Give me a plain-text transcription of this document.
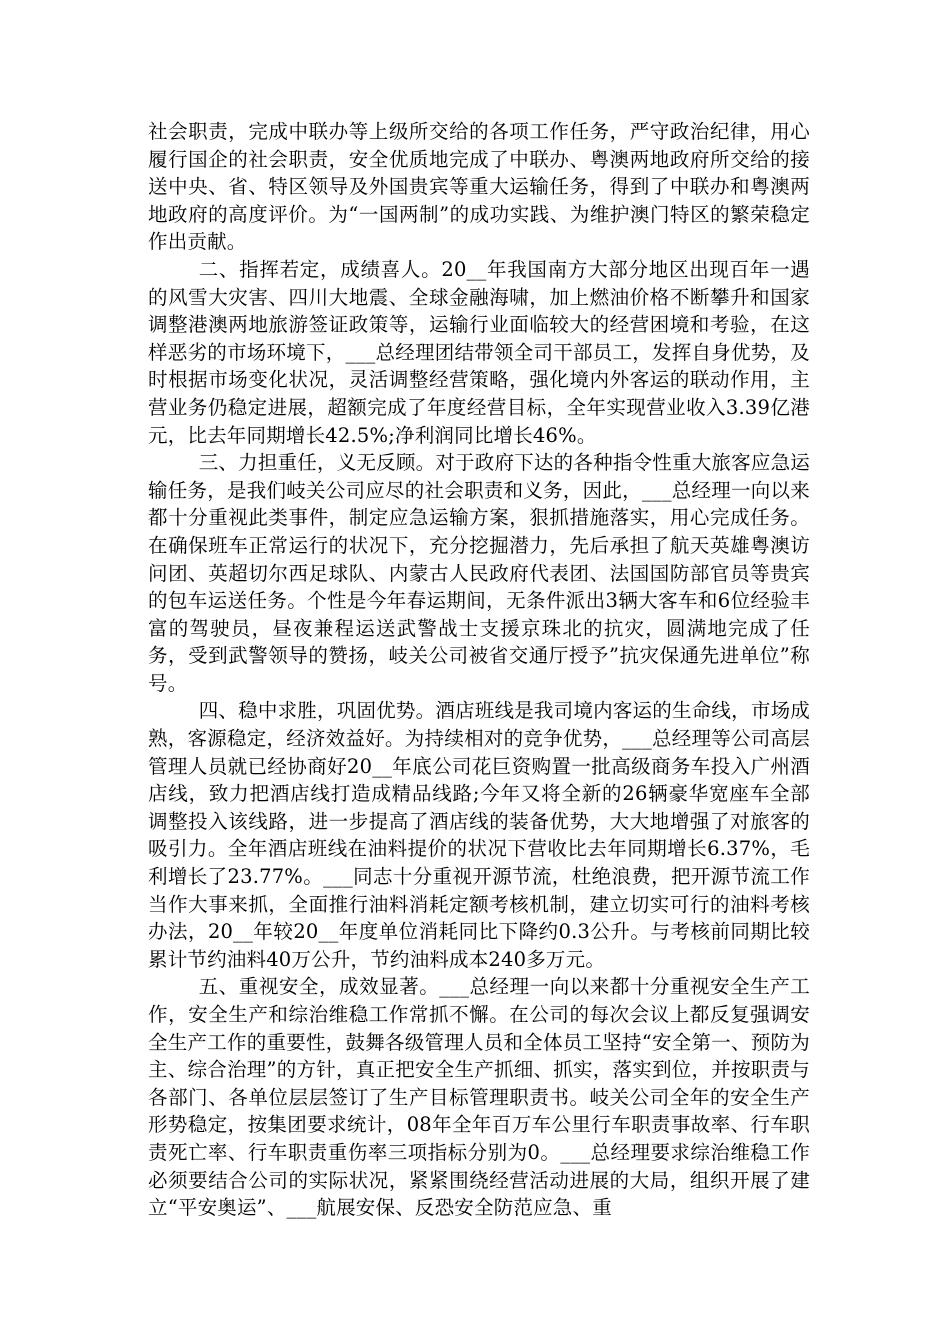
社会职责，完成中联办等上级所交给的各项工作任务，严守政治纪律，用心履行国企的社会职责，安全优质地完成了中联办、粤澳两地政府所交给的接送中央、省、特区领导及外国贵宾等重大运输任务，得到了中联办和粤澳两地政府的高度评价。为“一国两制”的成功实践、为维护澳门特区的繁荣稳定作出贡献。

二、指挥若定，成绩喜人。20__年我国南方大部分地区出现百年一遇的风雪大灾害、四川大地震、全球金融海啸，加上燃油价格不断攀升和国家调整港澳两地旅游签证政策等，运输行业面临较大的经营困境和考验，在这样恶劣的市场环境下，___总经理团结带领全司干部员工，发挥自身优势，及时根据市场变化状况，灵活调整经营策略，强化境内外客运的联动作用，主营业务仍稳定进展，超额完成了年度经营目标，全年实现营业收入3.39亿港元，比去年同期增长42.5%;净利润同比增长46%。

三、力担重任，义无反顾。对于政府下达的各种指令性重大旅客应急运输任务，是我们岐关公司应尽的社会职责和义务，因此，___总经理一向以来都十分重视此类事件，制定应急运输方案，狠抓措施落实，用心完成任务。在确保班车正常运行的状况下，充分挖掘潜力，先后承担了航天英雄粤澳访问团、英超切尔西足球队、内蒙古人民政府代表团、法国国防部官员等贵宾的包车运送任务。个性是今年春运期间，无条件派出3辆大客车和6位经验丰富的驾驶员，昼夜兼程运送武警战士支援京珠北的抗灾，圆满地完成了任务，受到武警领导的赞扬，岐关公司被省交通厅授予”抗灾保通先进单位”称号。

四、稳中求胜，巩固优势。酒店班线是我司境内客运的生命线，市场成熟，客源稳定，经济效益好。为持续相对的竞争优势，___总经理等公司高层管理人员就已经协商好20__年底公司花巨资购置一批高级商务车投入广州酒店线，致力把酒店线打造成精品线路;今年又将全新的26辆豪华宽座车全部调整投入该线路，进一步提高了酒店线的装备优势，大大地增强了对旅客的吸引力。全年酒店班线在油料提价的状况下营收比去年同期增长6.37%，毛利增长了23.77%。___同志十分重视开源节流，杜绝浪费，把开源节流工作当作大事来抓，全面推行油料消耗定额考核机制，建立切实可行的油料考核办法，20__年较20__年度单位消耗同比下降约0.3公升。与考核前同期比较累计节约油料40万公升，节约油料成本240多万元。

五、重视安全，成效显著。___总经理一向以来都十分重视安全生产工作，安全生产和综治维稳工作常抓不懈。在公司的每次会议上都反复强调安全生产工作的重要性，鼓舞各级管理人员和全体员工坚持“安全第一、预防为主、综合治理”的方针，真正把安全生产抓细、抓实，落实到位，并按职责与各部门、各单位层层签订了生产目标管理职责书。岐关公司全年的安全生产形势稳定，按集团要求统计，08年全年百万车公里行车职责事故率、行车职责死亡率、行车职责重伤率三项指标分别为0。___总经理要求综治维稳工作必须要结合公司的实际状况，紧紧围绕经营活动进展的大局，组织开展了建立“平安奥运”、___航展安保、反恐安全防范应急、重
